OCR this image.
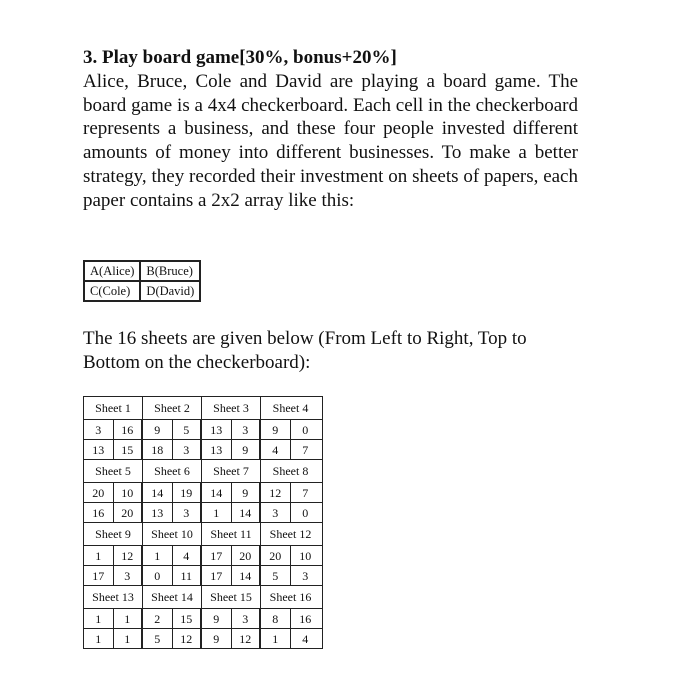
3. Play board game[30%, bonus+20%]
Alice, Bruce, Cole and David are playing a board game. The board game is a 4x4 checkerboard. Each cell in the checkerboard represents a business, and these four people invested different amounts of money into different businesses. To make a better strategy, they recorded their investment on sheets of papers, each paper contains a 2x2 array like this:
A(Alice)	B(Bruce)
C(Cole)	D(David)
The 16 sheets are given below (From Left to Right, Top to Bottom on the checkerboard):
Sheet 1	Sheet 2	Sheet 3	Sheet 4
3	16	9	5	13	3	9	0
13	15	18	3	13	9	4	7
Sheet 5	Sheet 6	Sheet 7	Sheet 8
20	10	14	19	14	9	12	7
16	20	13	3	1	14	3	0
Sheet 9	Sheet 10	Sheet 11	Sheet 12
1	12	1	4	17	20	20	10
17	3	0	11	17	14	5	3
Sheet 13	Sheet 14	Sheet 15	Sheet 16
1	1	2	15	9	3	8	16
1	1	5	12	9	12	1	4
